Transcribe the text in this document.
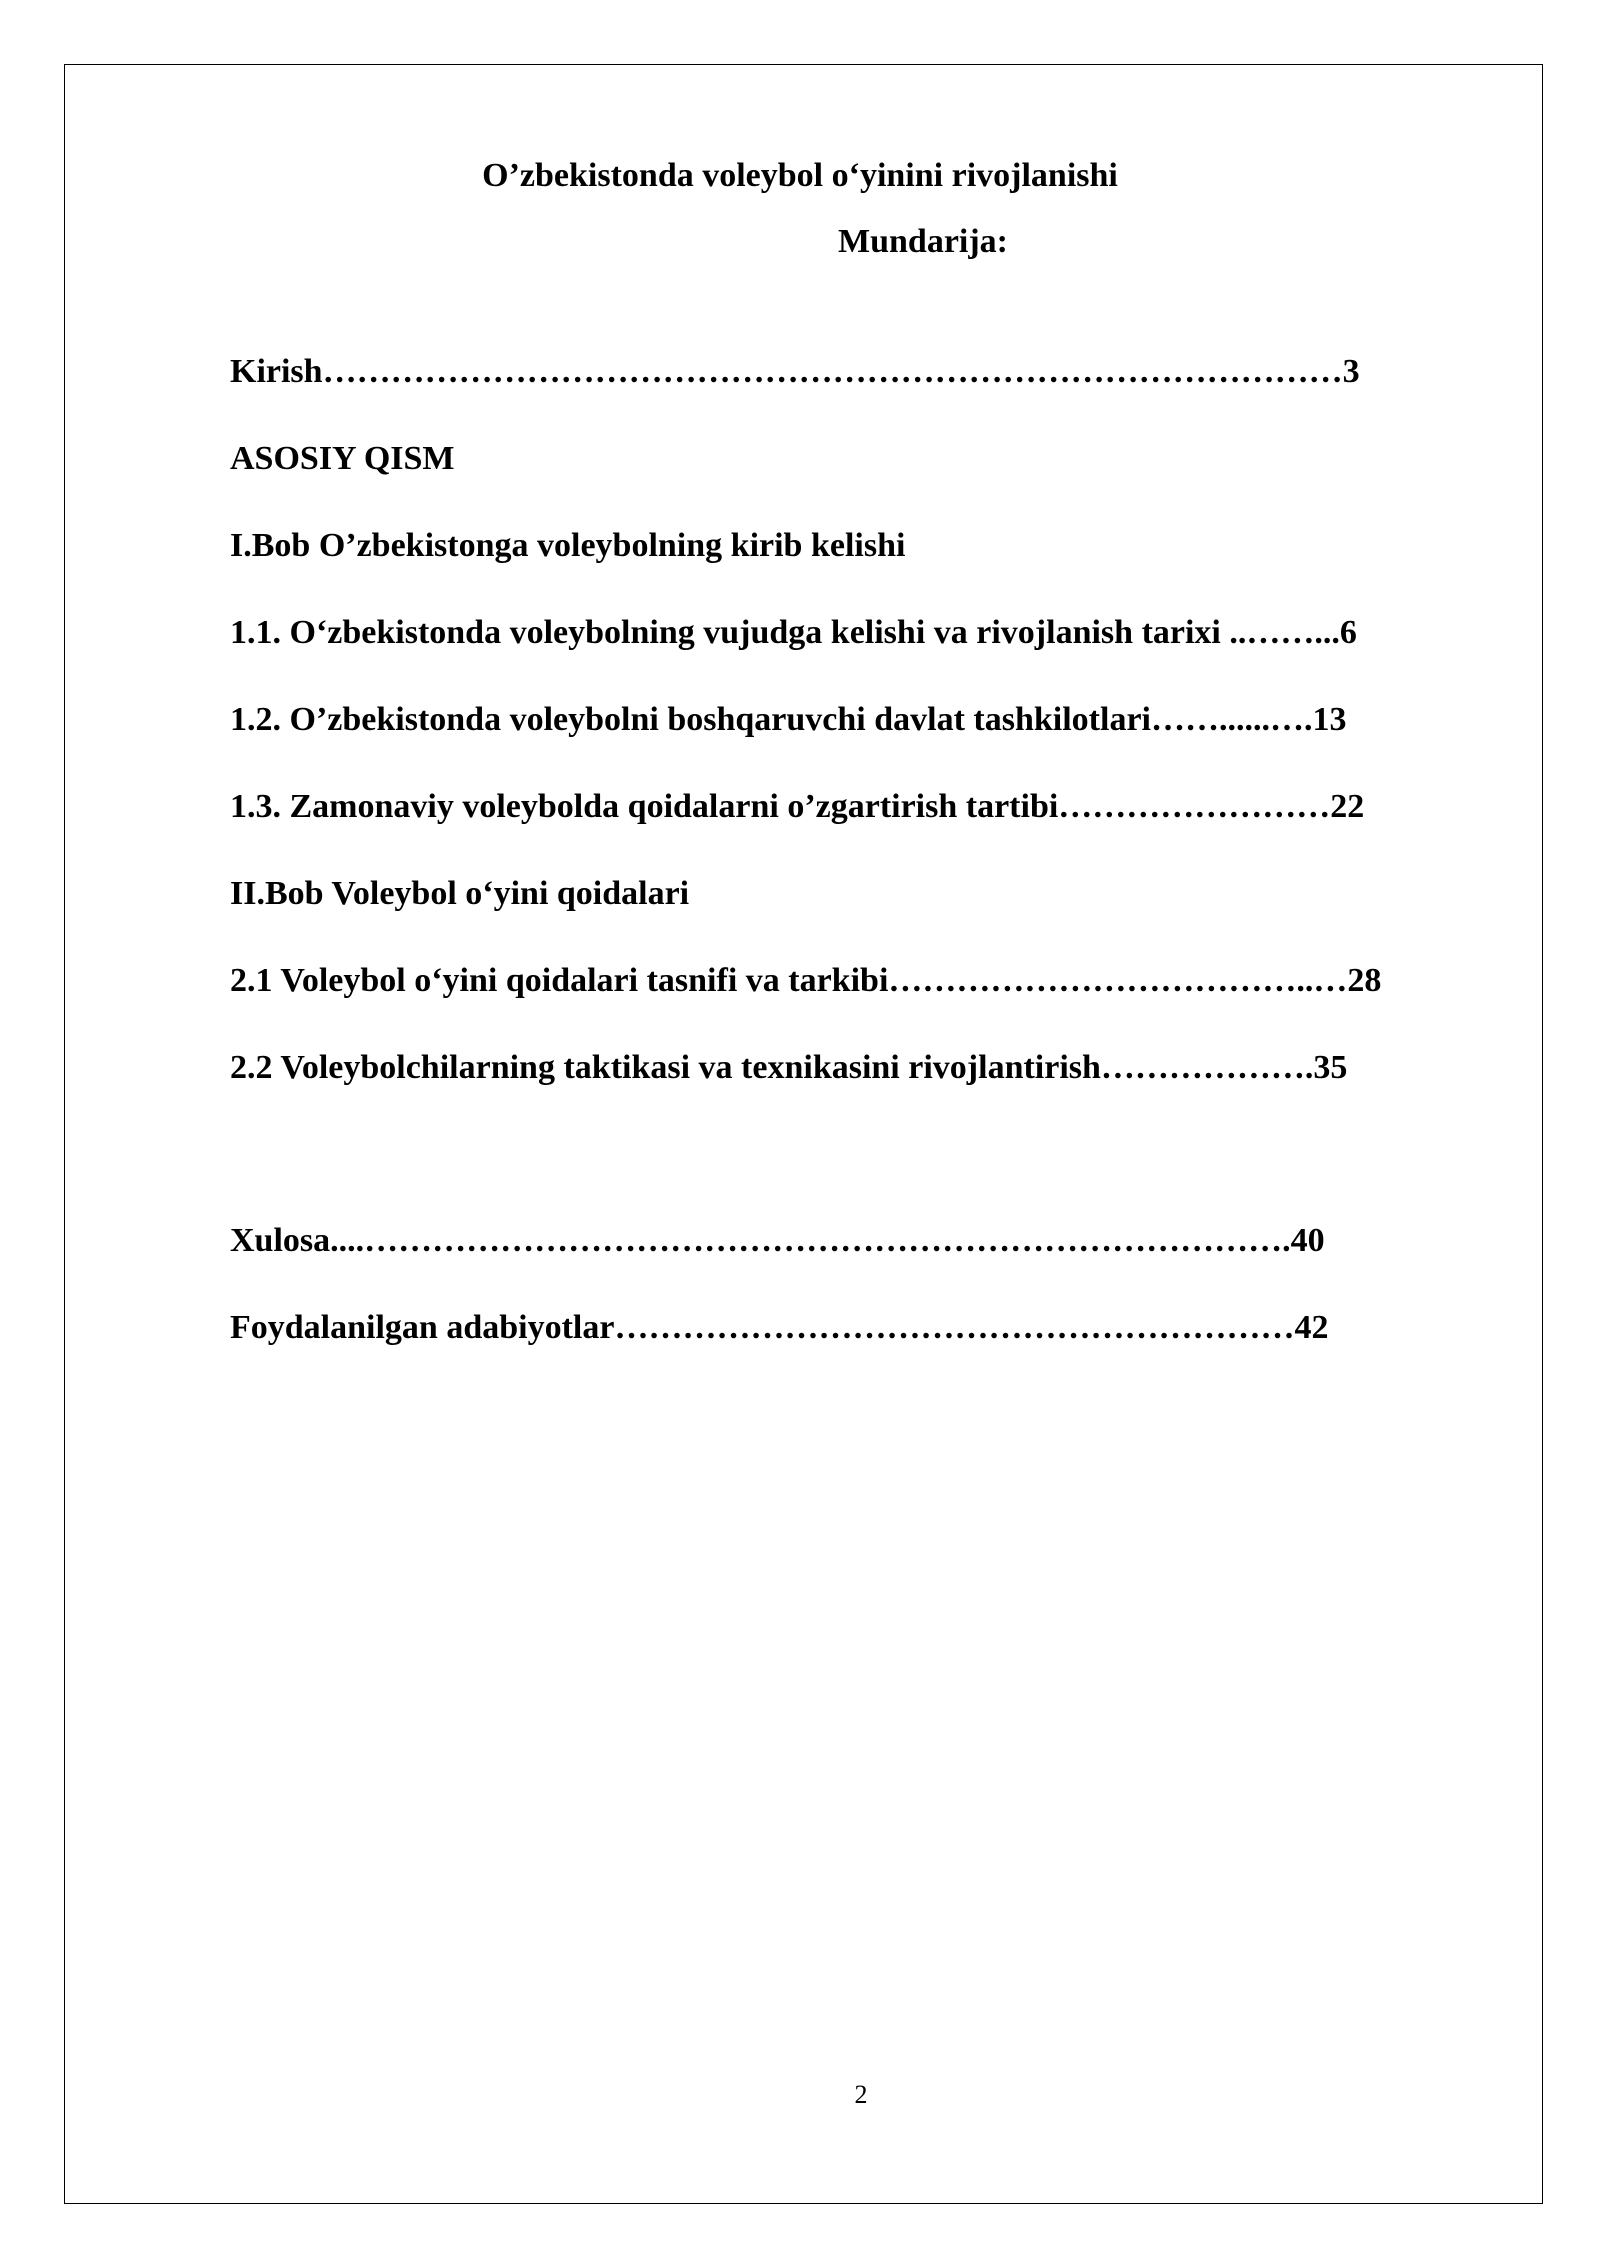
O’zbekistonda voleybol o‘yinini rivojlanishi
Mundarija:
Kirish………………………………………………………………………………3
ASOSIY QISM
I.Bob O’zbekistonga voleybolning kirib kelishi
1.1. O‘zbekistonda voleybolning vujudga kelishi va rivojlanish tarixi ..……...6
1.2. O’zbekistonda voleybolni boshqaruvchi davlat tashkilotlari……......….13
1.3. Zamonaviy voleybolda qoidalarni o’zgartirish tartibi……………………22
II.Bob Voleybol o‘yini qoidalari
2.1 Voleybol o‘yini qoidalari tasnifi va tarkibi………………………………..…28
2.2 Voleybolchilarning taktikasi va texnikasini rivojlantirish……………….35
Xulosa....……………………………………………………………………….40
Foydalanilgan adabiyotlar……………………………………………………42
2
